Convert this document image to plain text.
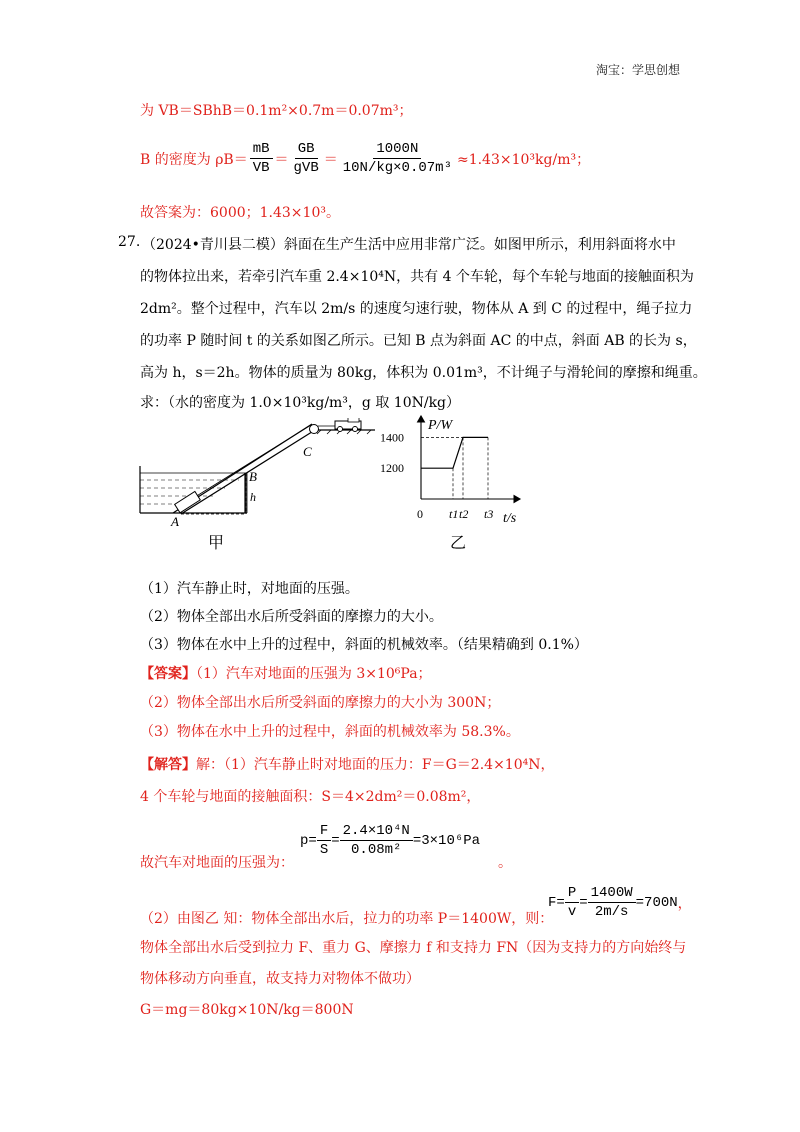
淘宝：学思创想
为 VB＝SBhB＝0.1m²×0.7m＝0.07m³；
B 的密度为 $\rho B= \frac{mB}{VB} = \frac{GB}{\text{gVB}} = \frac{1000N}{\text{10N/kg×0.07m³}} \approx 1.43\times 10^3kg/m^3$；
故答案为：6000；1.43×10³。
27. （2024•青川县二模）斜面在生产生活中应用非常广泛。如图甲所示，利用斜面将水中
的物体拉出来，若牵引汽车重 2.4×10⁴N，共有 4 个车轮，每个车轮与地面的接触面积为
2dm²。整个过程中，汽车以 2m/s 的速度匀速行驶，物体从 A 到 C 的过程中，绳子拉力
的功率 P 随时间 t 的关系如图乙所示。已知 B 点为斜面 AC 的中点，斜面 AB 的长为 s，
高为 h，s＝2h。物体的质量为 80kg，体积为 0.01m³，不计绳子与滑轮间的摩擦和绳重。
求：（水的密度为 1.0×10³kg/m³，g 取 10N/kg）
A
B
C
h
甲
1400
1200
0 t1 t2 t3
P/W
t/s
乙
（1）汽车静止时，对地面的压强。
（2）物体全部出水后所受斜面的摩擦力的大小。
（3）物体在水中上升的过程中，斜面的机械效率。（结果精确到 0.1%）
【答案】（1）汽车对地面的压强为 3×10⁶Pa；
（2）物体全部出水后所受斜面的摩擦力的大小为 300N；
（3）物体在水中上升的过程中，斜面的机械效率为 58.3%。
【解答】解：（1）汽车静止时对地面的压力：F＝G＝2.4×10⁴N，
4 个车轮与地面的接触面积：S＝4×2dm²＝0.08m²，
故汽车对地面的压强为：
$p= \frac{F}{S} = \frac{\text{2.4×10⁴N}}{\text{0.08m²}} =3\times 10^6Pa$
。
（2）由图乙 知：物体全部出水后，拉力的功率 P＝1400W，则：
$F= \frac{P}{v} = \frac{1400W}{2m/s} =700N$ ，
物体全部出水后受到拉力 F、重力 G、摩擦力 f 和支持力 FN（因为支持力的方向始终与
物体移动方向垂直，故支持力对物体不做功）
G＝mg＝80kg×10N/kg＝800N
